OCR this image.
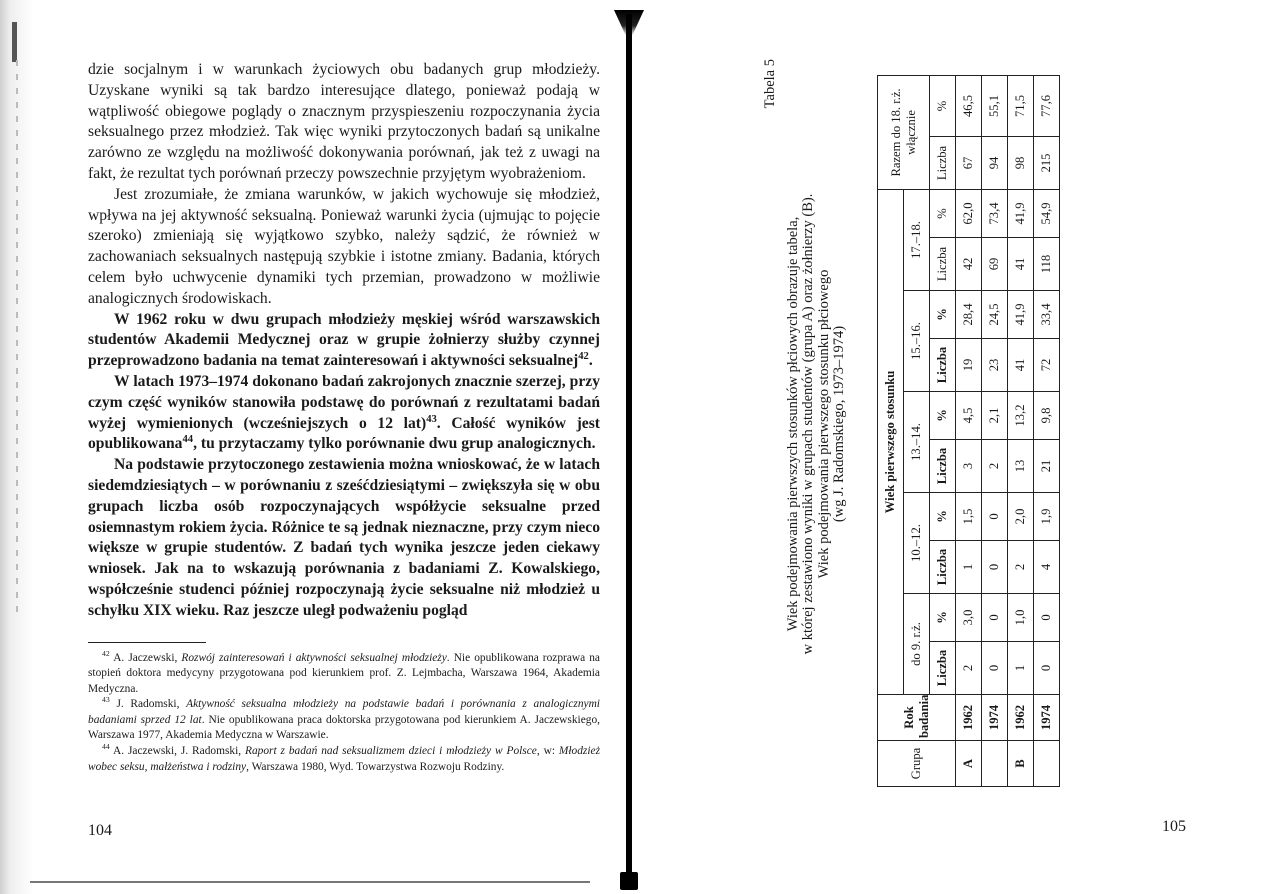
dzie socjalnym i w warunkach życiowych obu badanych grup młodzieży. Uzyskane wyniki są tak bardzo interesujące dlatego, ponieważ podają w wątpliwość obiegowe poglądy o znacznym przyspieszeniu rozpoczynania życia seksualnego przez młodzież. Tak więc wyniki przytoczonych badań są unikalne zarówno ze względu na możliwość dokonywania porównań, jak też z uwagi na fakt, że rezultat tych porównań przeczy powszechnie przyjętym wyobrażeniom.

Jest zrozumiałe, że zmiana warunków, w jakich wychowuje się młodzież, wpływa na jej aktywność seksualną. Ponieważ warunki życia (ujmując to pojęcie szeroko) zmieniają się wyjątkowo szybko, należy sądzić, że również w zachowaniach seksualnych następują szybkie i istotne zmiany. Badania, których celem było uchwycenie dynamiki tych przemian, prowadzono w możliwie analogicznych środowiskach.

W 1962 roku w dwu grupach młodzieży męskiej wśród warszawskich studentów Akademii Medycznej oraz w grupie żołnierzy służby czynnej przeprowadzono badania na temat zainteresowań i aktywności seksualnej$^{42}$.

W latach 1973–1974 dokonano badań zakrojonych znacznie szerzej, przy czym część wyników stanowiła podstawę do porównań z rezultatami badań wyżej wymienionych (wcześniejszych o 12 lat)$^{43}$. Całość wyników jest opublikowana$^{44}$, tu przytaczamy tylko porównanie dwu grup analogicznych.

Na podstawie przytoczonego zestawienia można wnioskować, że w latach siedemdziesiątych – w porównaniu z sześćdziesiątymi – zwiększyła się w obu grupach liczba osób rozpoczynających współżycie seksualne przed osiemnastym rokiem życia. Różnice te są jednak nieznaczne, przy czym nieco większe w grupie studentów. Z badań tych wynika jeszcze jeden ciekawy wniosek. Jak na to wskazują porównania z badaniami Z. Kowalskiego, współcześnie studenci później rozpoczynają życie seksualne niż młodzież u schyłku XIX wieku. Raz jeszcze uległ podważeniu pogląd

$^{42}$ A. Jaczewski, Rozwój zainteresowań i aktywności seksualnej młodzieży. Nie opublikowana rozprawa na stopień doktora medycyny przygotowana pod kierunkiem prof. Z. Lejmbacha, Warszawa 1964, Akademia Medyczna.

$^{43}$ J. Radomski, Aktywność seksualna młodzieży na podstawie badań i porównania z analogicznymi badaniami sprzed 12 lat. Nie opublikowana praca doktorska przygotowana pod kierunkiem A. Jaczewskiego, Warszawa 1977, Akademia Medyczna w Warszawie.

$^{44}$ A. Jaczewski, J. Radomski, Raport z badań nad seksualizmem dzieci i młodzieży w Polsce, w: Młodzież wobec seksu, małżeństwa i rodziny, Warszawa 1980, Wyd. Towarzystwa Rozwoju Rodziny.

104
Tabela 5
Wiek podejmowania pierwszych stosunków płciowych obrazuje tabela, w której zestawiono wyniki w grupach studentów (grupa A) oraz żołnierzy (B). Wiek podejmowania pierwszego stosunku płciowego (wg J. Radomskiego, 1973–1974)
Grupa	Rok badania	Wiek pierwszego stosunku										Razem do 18. r.ż. włącznie	
		do 9. r.ż.		10.–12.		13.–14.		15.–16.		17.–18.			
		Liczba	%	Liczba	%	Liczba	%	Liczba	%	Liczba	%	Liczba	%
A	1962	2	3,0	1	1,5	3	4,5	19	28,4	42	62,0	67	46,5
	1974	0	0	0	0	2	2,1	23	24,5	69	73,4	94	55,1
B	1962	1	1,0	2	2,0	13	13,2	41	41,9	41	41,9	98	71,5
	1974	0	0	4	1,9	21	9,8	72	33,4	118	54,9	215	77,6
105
